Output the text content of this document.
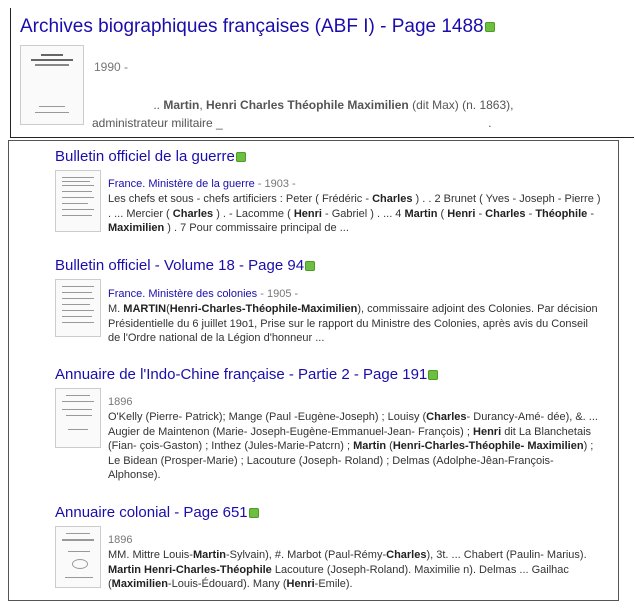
Archives biographiques françaises (ABF I) - Page 1488
1990 -
.. Martin, Henri Charles Théophile Maximilien (dit Max) (n. 1863),
administrateur militaire _	.
Bulletin officiel de la guerre
France. Ministère de la guerre - 1903 -
Les chefs et sous - chefs artificiers : Peter ( Frédéric - Charles ) . . 2 Brunet ( Yves - Joseph - Pierre ) . ... Mercier ( Charles ) . - Lacomme ( Henri - Gabriel ) . ... 4 Martin ( Henri - Charles - Théophile - Maximilien ) . 7 Pour commissaire principal de ...
Bulletin officiel - Volume 18 - Page 94
France. Ministère des colonies - 1905 -
M. MARTIN(Henri-Charles-Théophile-Maximilien), commissaire adjoint des Colonies. Par décision Présidentielle du 6 juillet 19o1, Prise sur le rapport du Ministre des Colonies, après avis du Conseil de l'Ordre national de la Légion d'honneur ...
Annuaire de l'Indo-Chine française - Partie 2 - Page 191
1896
O'Kelly (Pierre- Patrick); Mange (Paul -Eugène-Joseph) ; Louisy (Charles- Durancy-Amé- dée), &. ... Augier de Maintenon (Marie- Joseph-Eugène-Emmanuel-Jean- François) ; Henri dit La Blanchetais (Fian- çois-Gaston) ; Inthez (Jules-Marie-Patcrn) ; Martin (Henri-Charles-Théophile- Maximilien) ; Le Bidean (Prosper-Marie) ; Lacouture (Joseph- Roland) ; Delmas (Adolphe-Jêan-François- Alphonse).
Annuaire colonial - Page 651
1896
MM. Mittre Louis-Martin-Sylvain), #. Marbot (Paul-Rémy-Charles), 3t. ... Chabert (Paulin- Marius). Martin Henri-Charles-Théophile Lacouture (Joseph-Roland). Maximilie n). Delmas ... Gailhac (Maximilien-Louis-Édouard). Many (Henri-Emile).
